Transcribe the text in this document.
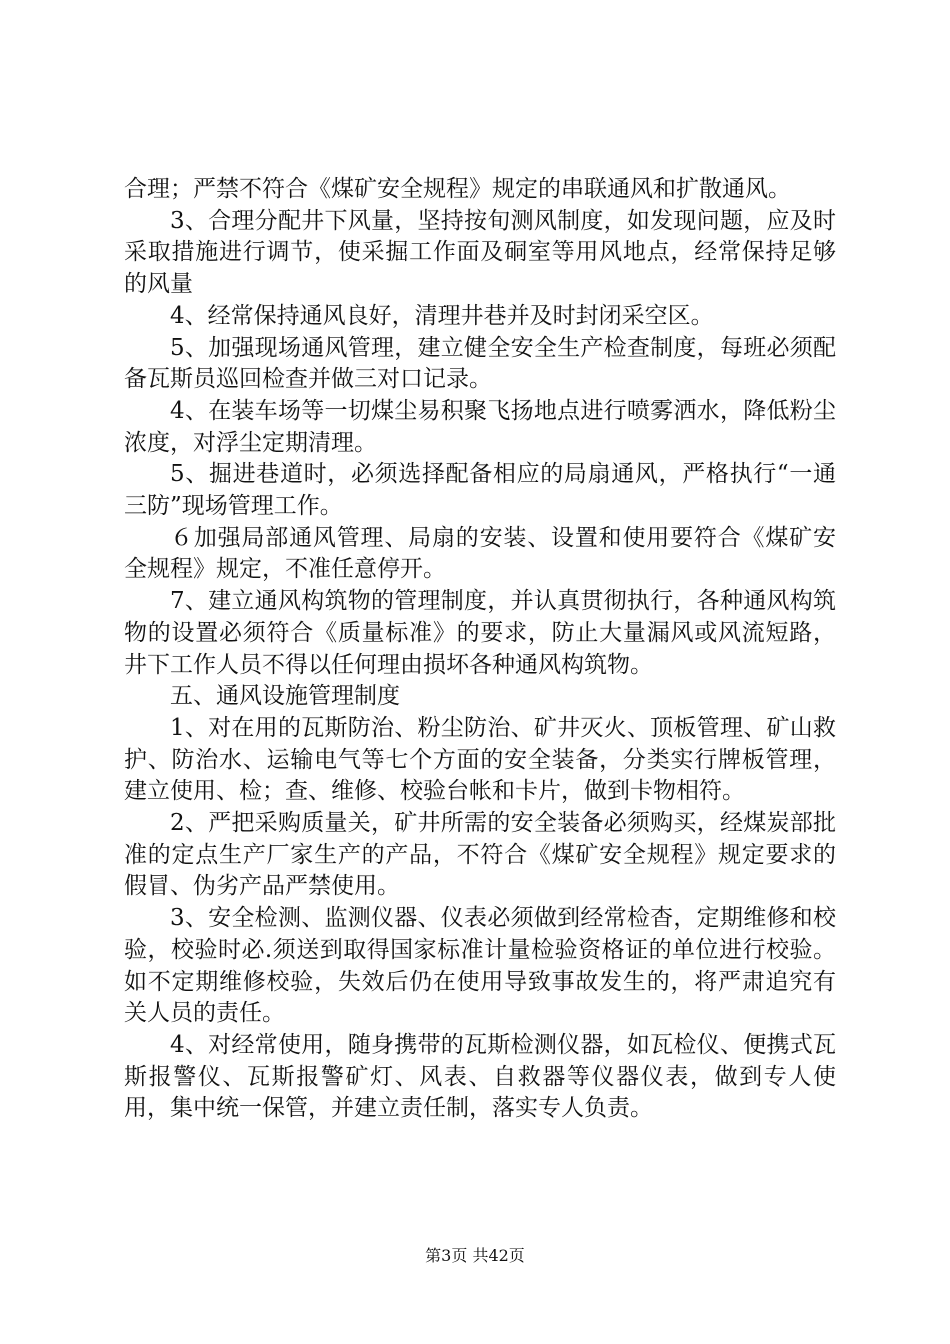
合理；严禁不符合《煤矿安全规程》规定的串联通风和扩散通风。

3、合理分配井下风量，坚持按旬测风制度，如发现问题，应及时采取措施进行调节，使采掘工作面及硐室等用风地点，经常保持足够的风量

4、经常保持通风良好，清理井巷并及时封闭采空区。

5、加强现场通风管理，建立健全安全生产检查制度，每班必须配备瓦斯员巡回检查并做三对口记录。

4、在装车场等一切煤尘易积聚飞扬地点进行喷雾洒水，降低粉尘浓度，对浮尘定期清理。

5、掘进巷道时，必须选择配备相应的局扇通风，严格执行“一通三防”现场管理工作。

６加强局部通风管理、局扇的安装、设置和使用要符合《煤矿安全规程》规定，不准任意停开。

7、建立通风构筑物的管理制度，并认真贯彻执行，各种通风构筑物的设置必须符合《质量标准》的要求，防止大量漏风或风流短路，井下工作人员不得以任何理由损坏各种通风构筑物。

五、通风设施管理制度

1、对在用的瓦斯防治、粉尘防治、矿井灭火、顶板管理、矿山救护、防治水、运输电气等七个方面的安全装备，分类实行牌板管理，建立使用、检；查、维修、校验台帐和卡片，做到卡物相符。

2、严把采购质量关，矿井所需的安全装备必须购买，经煤炭部批准的定点生产厂家生产的产品，不符合《煤矿安全规程》规定要求的假冒、伪劣产品严禁使用。

3、安全检测、监测仪器、仪表必须做到经常检杳，定期维修和校验，校验时必.须送到取得国家标准计量检验资格证的单位进行校验。如不定期维修校验，失效后仍在使用导致事故发生的，将严肃追究有关人员的责任。

4、对经常使用，随身携带的瓦斯检测仪器，如瓦检仪、便携式瓦斯报警仪、瓦斯报警矿灯、风表、自救器等仪器仪表，做到专人使用，集中统一保管，并建立责任制，落实专人负责。

第3页 共42页
